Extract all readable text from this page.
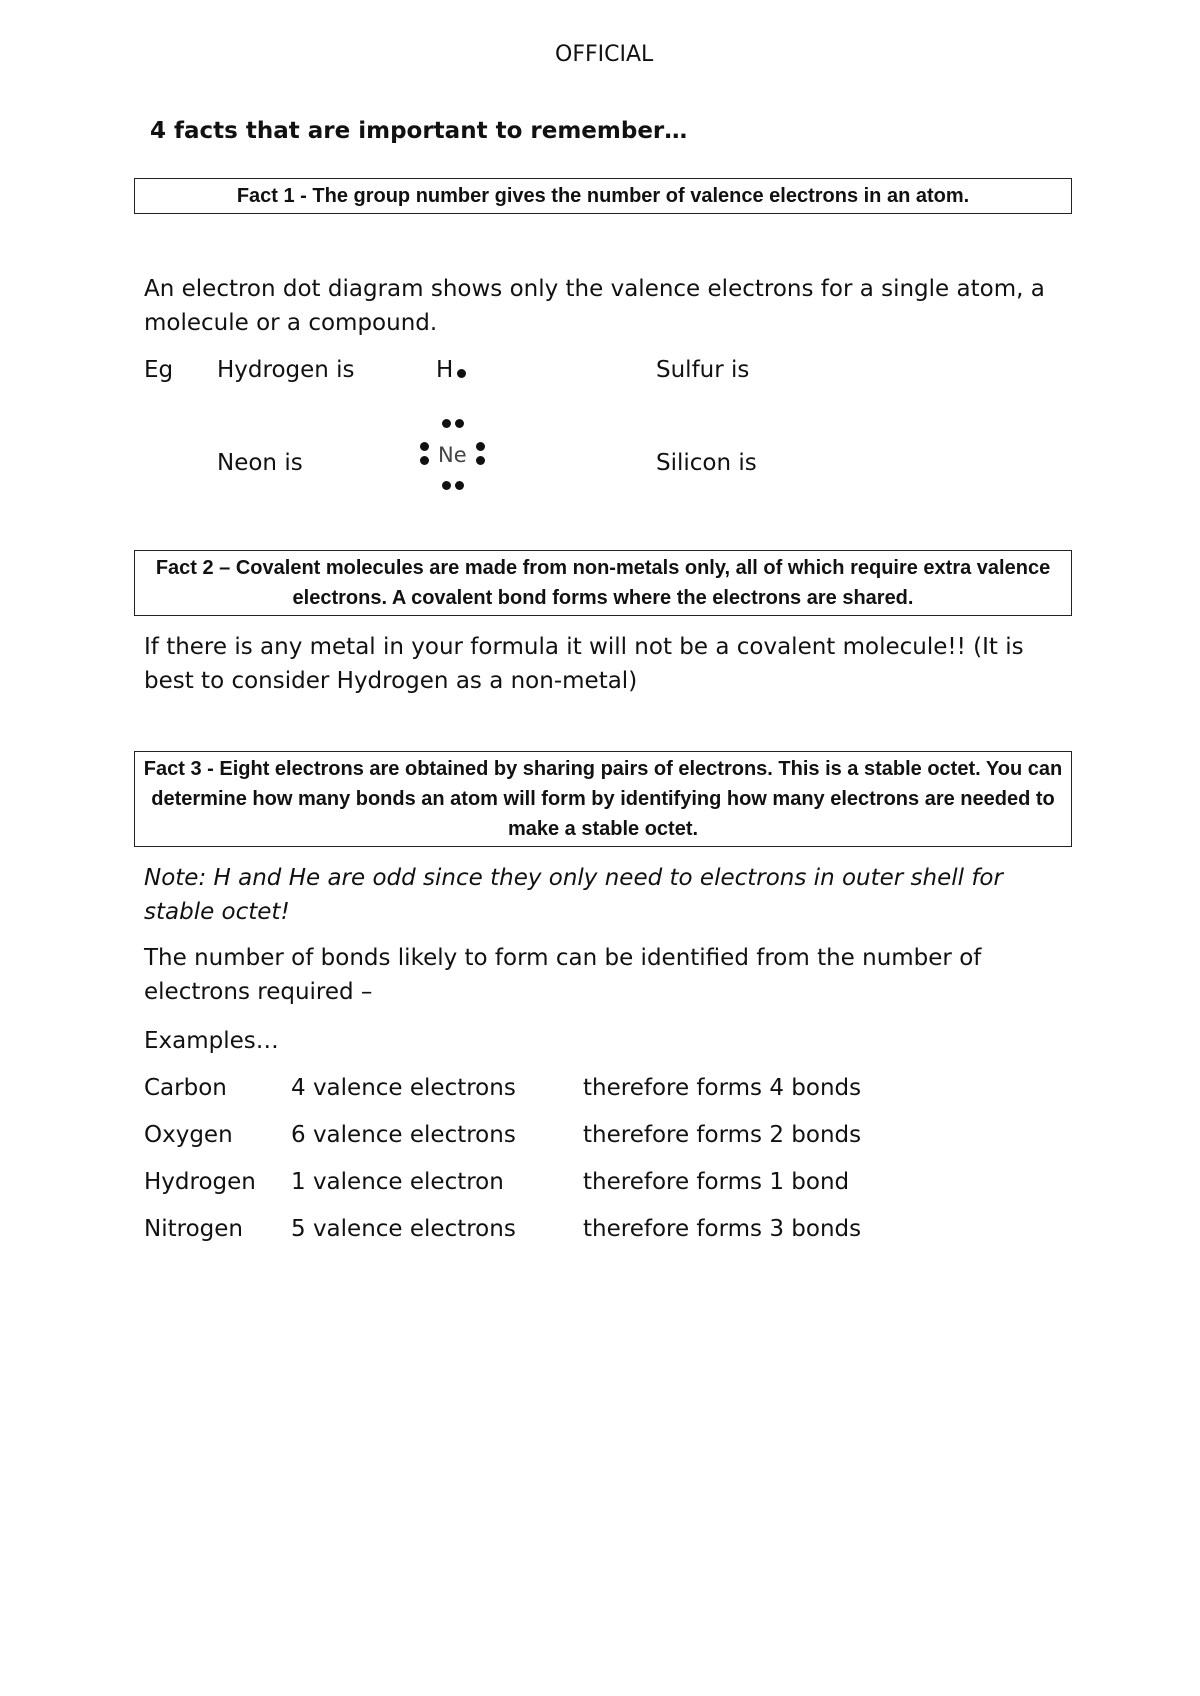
OFFICIAL
4 facts that are important to remember…
Fact 1 - The group number gives the number of valence electrons in an atom.
An electron dot diagram shows only the valence electrons for a single atom, a molecule or a compound.
Eg Hydrogen is	H	Sulfur is
Neon is	Ne	Silicon is
Fact 2 – Covalent molecules are made from non-metals only, all of which require extra valence electrons. A covalent bond forms where the electrons are shared.
If there is any metal in your formula it will not be a covalent molecule!! (It is best to consider Hydrogen as a non-metal)
Fact 3 - Eight electrons are obtained by sharing pairs of electrons. This is a stable octet. You can determine how many bonds an atom will form by identifying how many electrons are needed to make a stable octet.
Note: H and He are odd since they only need to electrons in outer shell for stable octet!
The number of bonds likely to form can be identified from the number of electrons required –
Examples…
Carbon	4 valence electrons	therefore forms 4 bonds
Oxygen	6 valence electrons	therefore forms 2 bonds
Hydrogen 1 valence electron	therefore forms 1 bond
Nitrogen 5 valence electrons	therefore forms 3 bonds
